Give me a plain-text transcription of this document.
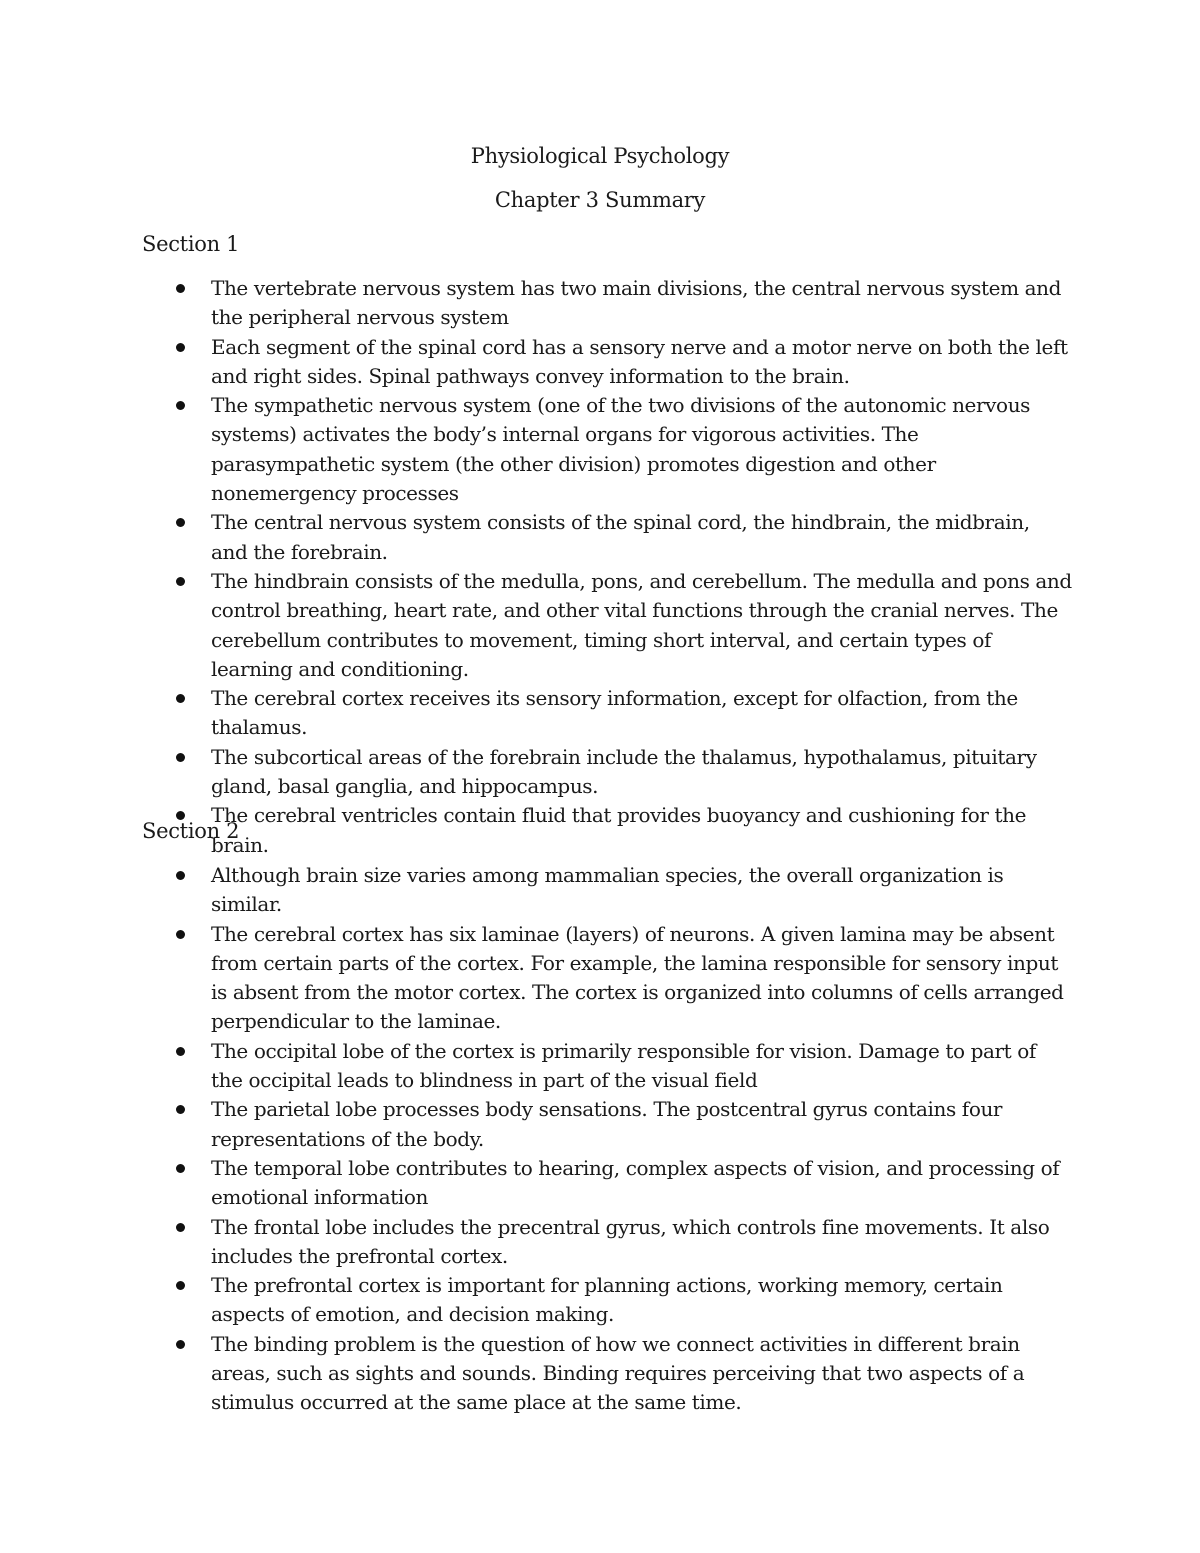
Physiological Psychology
Chapter 3 Summary
Section 1
The vertebrate nervous system has two main divisions, the central nervous system and the peripheral nervous system
Each segment of the spinal cord has a sensory nerve and a motor nerve on both the left and right sides. Spinal pathways convey information to the brain.
The sympathetic nervous system (one of the two divisions of the autonomic nervous systems) activates the body’s internal organs for vigorous activities. The parasympathetic system (the other division) promotes digestion and other nonemergency processes
The central nervous system consists of the spinal cord, the hindbrain, the midbrain, and the forebrain.
The hindbrain consists of the medulla, pons, and cerebellum. The medulla and pons and control breathing, heart rate, and other vital functions through the cranial nerves. The cerebellum contributes to movement, timing short interval, and certain types of learning and conditioning.
The cerebral cortex receives its sensory information, except for olfaction, from the thalamus.
The subcortical areas of the forebrain include the thalamus, hypothalamus, pituitary gland, basal ganglia, and hippocampus.
The cerebral ventricles contain fluid that provides buoyancy and cushioning for the brain.
Section 2
Although brain size varies among mammalian species, the overall organization is similar.
The cerebral cortex has six laminae (layers) of neurons. A given lamina may be absent from certain parts of the cortex. For example, the lamina responsible for sensory input is absent from the motor cortex. The cortex is organized into columns of cells arranged perpendicular to the laminae.
The occipital lobe of the cortex is primarily responsible for vision. Damage to part of the occipital leads to blindness in part of the visual field
The parietal lobe processes body sensations. The postcentral gyrus contains four representations of the body.
The temporal lobe contributes to hearing, complex aspects of vision, and processing of emotional information
The frontal lobe includes the precentral gyrus, which controls fine movements. It also includes the prefrontal cortex.
The prefrontal cortex is important for planning actions, working memory, certain aspects of emotion, and decision making.
The binding problem is the question of how we connect activities in different brain areas, such as sights and sounds. Binding requires perceiving that two aspects of a stimulus occurred at the same place at the same time.
